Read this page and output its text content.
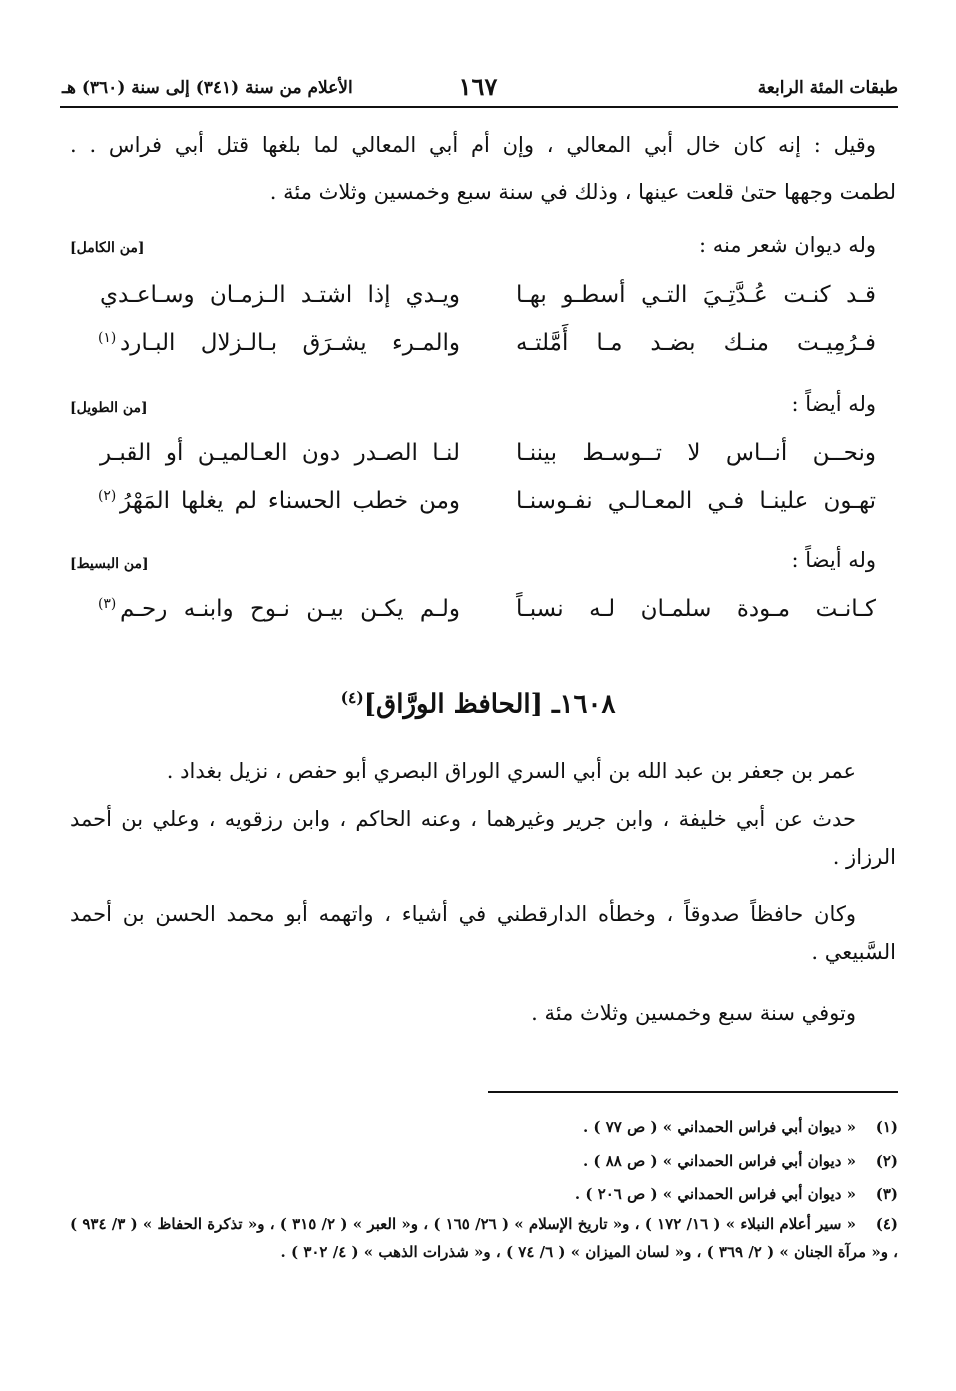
طبقات المئة الرابعة
١٦٧
الأعلام من سنة (٣٤١) إلى سنة (٣٦٠) هـ
وقيل : إنه كان خال أبي المعالي ، وإن أم أبي المعالي لما بلغها قتل أبي فراس . .
لطمت وجهها حتىٰ قلعت عينها ، وذلك في سنة سبع وخمسين وثلاث مئة .
وله ديوان شعر منه :
[من الكامل]
قـد كنـت عُـدَّتِـيَ التـي أسطـو بهـا
ويـدي إذا اشتـد الـزمـان وسـاعـدي
فـرُمِيـت منـك بضـد مـا أَمَّلتـه
والمـرء يشـرَق بـالـزلال البـارد
(١)
وله أيضاً :
[من الطويل]
ونحــن أنــاس لا تــوسـط بيننـا
لنـا الصـدر دون العـالميـن أو القبـر
تهـون علينـا فـي المعـالـي نفـوسنـا
ومن خطب الحسناء لم يغلها المَهْرُ
(٢)
وله أيضاً :
[من البسيط]
كـانـت مـودة سلمـان لـه نسبـاً
ولـم يكـن بيـن نـوح وابنـه رحـم
(٣)
١٦٠٨ـ [الحافظ الورَّاق]$^{(٤)}$
عمر بن جعفر بن عبد الله بن أبي السري الوراق البصري أبو حفص ، نزيل بغداد .
حدث عن أبي خليفة ، وابن جرير وغيرهما ، وعنه الحاكم ، وابن رزقويه ، وعلي بن أحمد الرزاز .
وكان حافظاً صدوقاً ، وخطأه الدارقطني في أشياء ، واتهمه أبو محمد الحسن بن أحمد السَّبيعي .
وتوفي سنة سبع وخمسين وثلاث مئة .
(١)« ديوان أبي فراس الحمداني » ( ص ٧٧ ) .
(٢)« ديوان أبي فراس الحمداني » ( ص ٨٨ ) .
(٣)« ديوان أبي فراس الحمداني » ( ص ٢٠٦ ) .
(٤)« سير أعلام النبلاء » ( ١٦/ ١٧٢ ) ، و« تاريخ الإسلام » ( ٢٦/ ١٦٥ ) ، و« العبر » ( ٢/ ٣١٥ ) ، و« تذكرة الحفاظ » ( ٣/ ٩٣٤ ) ، و« مرآة الجنان » ( ٢/ ٣٦٩ ) ، و« لسان الميزان » ( ٦/ ٧٤ ) ، و« شذرات الذهب » ( ٤/ ٣٠٢ ) .
